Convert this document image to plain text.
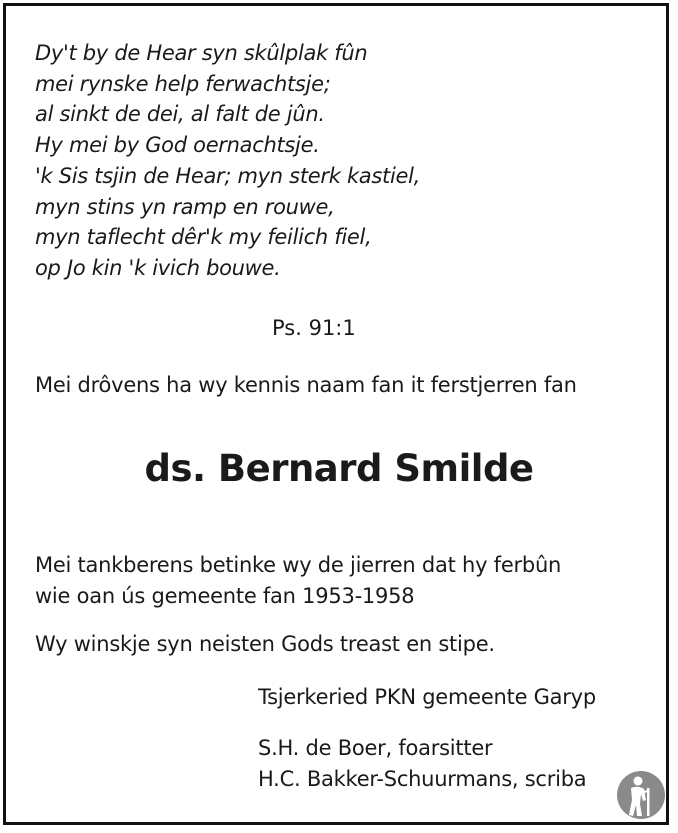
Dy't by de Hear syn skûlplak fûn
mei rynske help ferwachtsje;
al sinkt de dei, al falt de jûn.
Hy mei by God oernachtsje.
'k Sis tsjin de Hear; myn sterk kastiel,
myn stins yn ramp en rouwe,
myn taflecht dêr'k my feilich fiel,
op Jo kin 'k ivich bouwe.
Ps. 91:1
Mei drôvens ha wy kennis naam fan it ferstjerren fan
ds. Bernard Smilde
Mei tankberens betinke wy de jierren dat hy ferbûn
wie oan ús gemeente fan 1953-1958
Wy winskje syn neisten Gods treast en stipe.
Tsjerkeried PKN gemeente Garyp
S.H. de Boer, foarsitter
H.C. Bakker-Schuurmans, scriba
